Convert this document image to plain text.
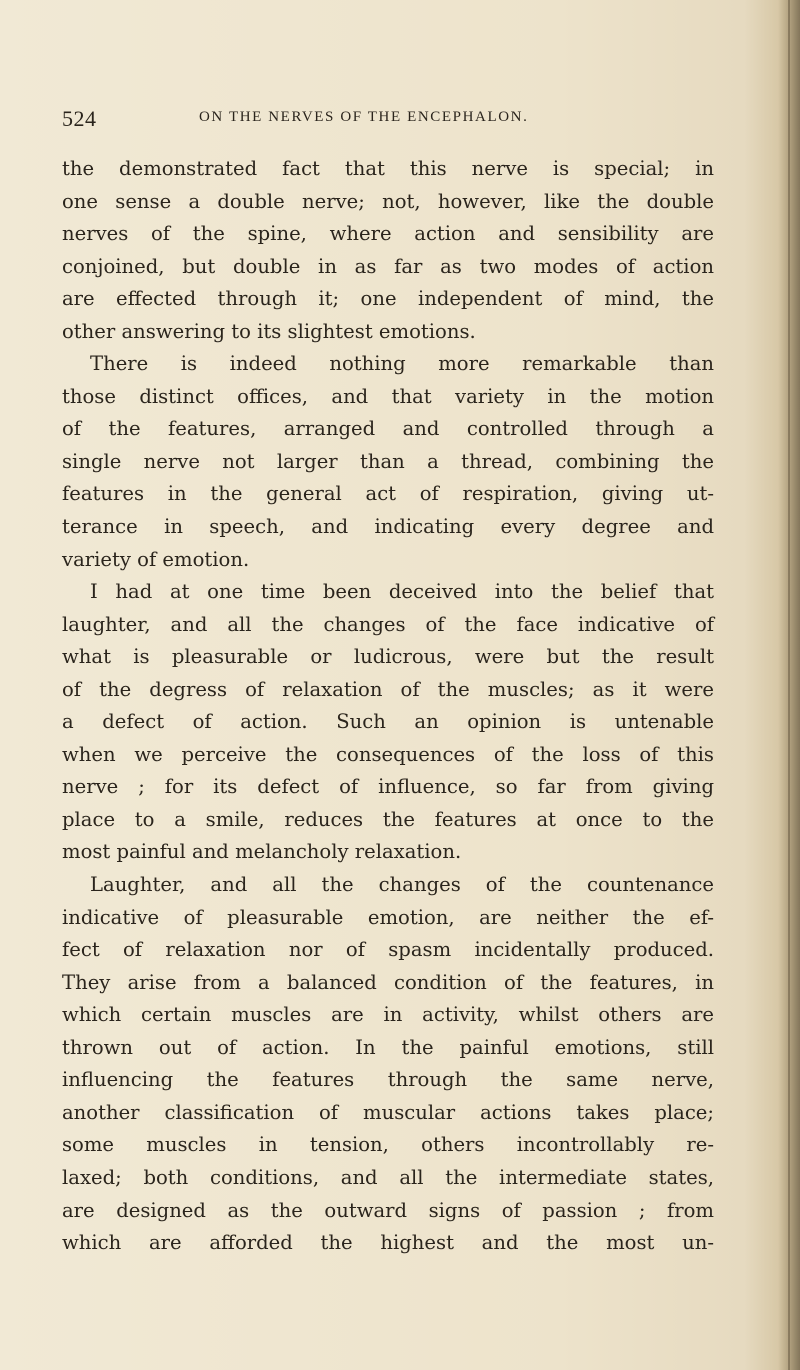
524	ON THE NERVES OF THE ENCEPHALON.
the demonstrated fact that this nerve is special; in
one sense a double nerve; not, however, like the double
nerves of the spine, where action and sensibility are
conjoined, but double in as far as two modes of action
are effected through it; one independent of mind, the
other answering to its slightest emotions.
There is indeed nothing more remarkable than
those distinct offices, and that variety in the motion
of the features, arranged and controlled through a
single nerve not larger than a thread, combining the
features in the general act of respiration, giving ut-
terance in speech, and indicating every degree and
variety of emotion.
I had at one time been deceived into the belief that
laughter, and all the changes of the face indicative of
what is pleasurable or ludicrous, were but the result
of the degress of relaxation of the muscles; as it were
a defect of action. Such an opinion is untenable
when we perceive the consequences of the loss of this
nerve ; for its defect of influence, so far from giving
place to a smile, reduces the features at once to the
most painful and melancholy relaxation.
Laughter, and all the changes of the countenance
indicative of pleasurable emotion, are neither the ef-
fect of relaxation nor of spasm incidentally produced.
They arise from a balanced condition of the features, in
which certain muscles are in activity, whilst others are
thrown out of action. In the painful emotions, still
influencing the features through the same nerve,
another classification of muscular actions takes place;
some muscles in tension, others incontrollably re-
laxed; both conditions, and all the intermediate states,
are designed as the outward signs of passion ; from
which are afforded the highest and the most un-
